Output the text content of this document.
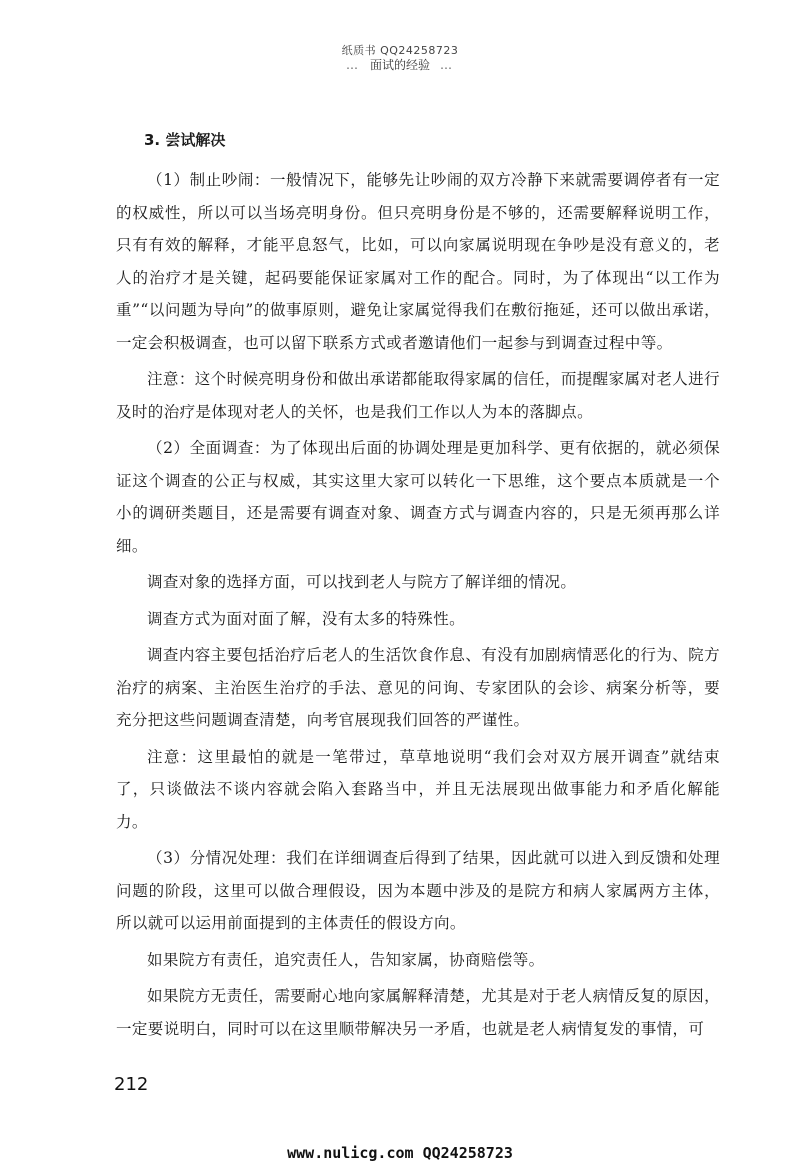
纸质书 QQ24258723
… 面试的经验 …
3. 尝试解决

（1）制止吵闹：一般情况下，能够先让吵闹的双方冷静下来就需要调停者有一定的权威性，所以可以当场亮明身份。但只亮明身份是不够的，还需要解释说明工作，只有有效的解释，才能平息怒气，比如，可以向家属说明现在争吵是没有意义的，老人的治疗才是关键，起码要能保证家属对工作的配合。同时，为了体现出“以工作为重”“以问题为导向”的做事原则，避免让家属觉得我们在敷衍拖延，还可以做出承诺，一定会积极调查，也可以留下联系方式或者邀请他们一起参与到调查过程中等。

注意：这个时候亮明身份和做出承诺都能取得家属的信任，而提醒家属对老人进行及时的治疗是体现对老人的关怀，也是我们工作以人为本的落脚点。

（2）全面调查：为了体现出后面的协调处理是更加科学、更有依据的，就必须保证这个调查的公正与权威，其实这里大家可以转化一下思维，这个要点本质就是一个小的调研类题目，还是需要有调查对象、调查方式与调查内容的，只是无须再那么详细。

调查对象的选择方面，可以找到老人与院方了解详细的情况。

调查方式为面对面了解，没有太多的特殊性。

调查内容主要包括治疗后老人的生活饮食作息、有没有加剧病情恶化的行为、院方治疗的病案、主治医生治疗的手法、意见的问询、专家团队的会诊、病案分析等，要充分把这些问题调查清楚，向考官展现我们回答的严谨性。

注意：这里最怕的就是一笔带过，草草地说明“我们会对双方展开调查”就结束了，只谈做法不谈内容就会陷入套路当中，并且无法展现出做事能力和矛盾化解能力。

（3）分情况处理：我们在详细调查后得到了结果，因此就可以进入到反馈和处理问题的阶段，这里可以做合理假设，因为本题中涉及的是院方和病人家属两方主体，所以就可以运用前面提到的主体责任的假设方向。

如果院方有责任，追究责任人，告知家属，协商赔偿等。

如果院方无责任，需要耐心地向家属解释清楚，尤其是对于老人病情反复的原因，一定要说明白，同时可以在这里顺带解决另一矛盾，也就是老人病情复发的事情，可

212
www.nulicg.com QQ24258723
